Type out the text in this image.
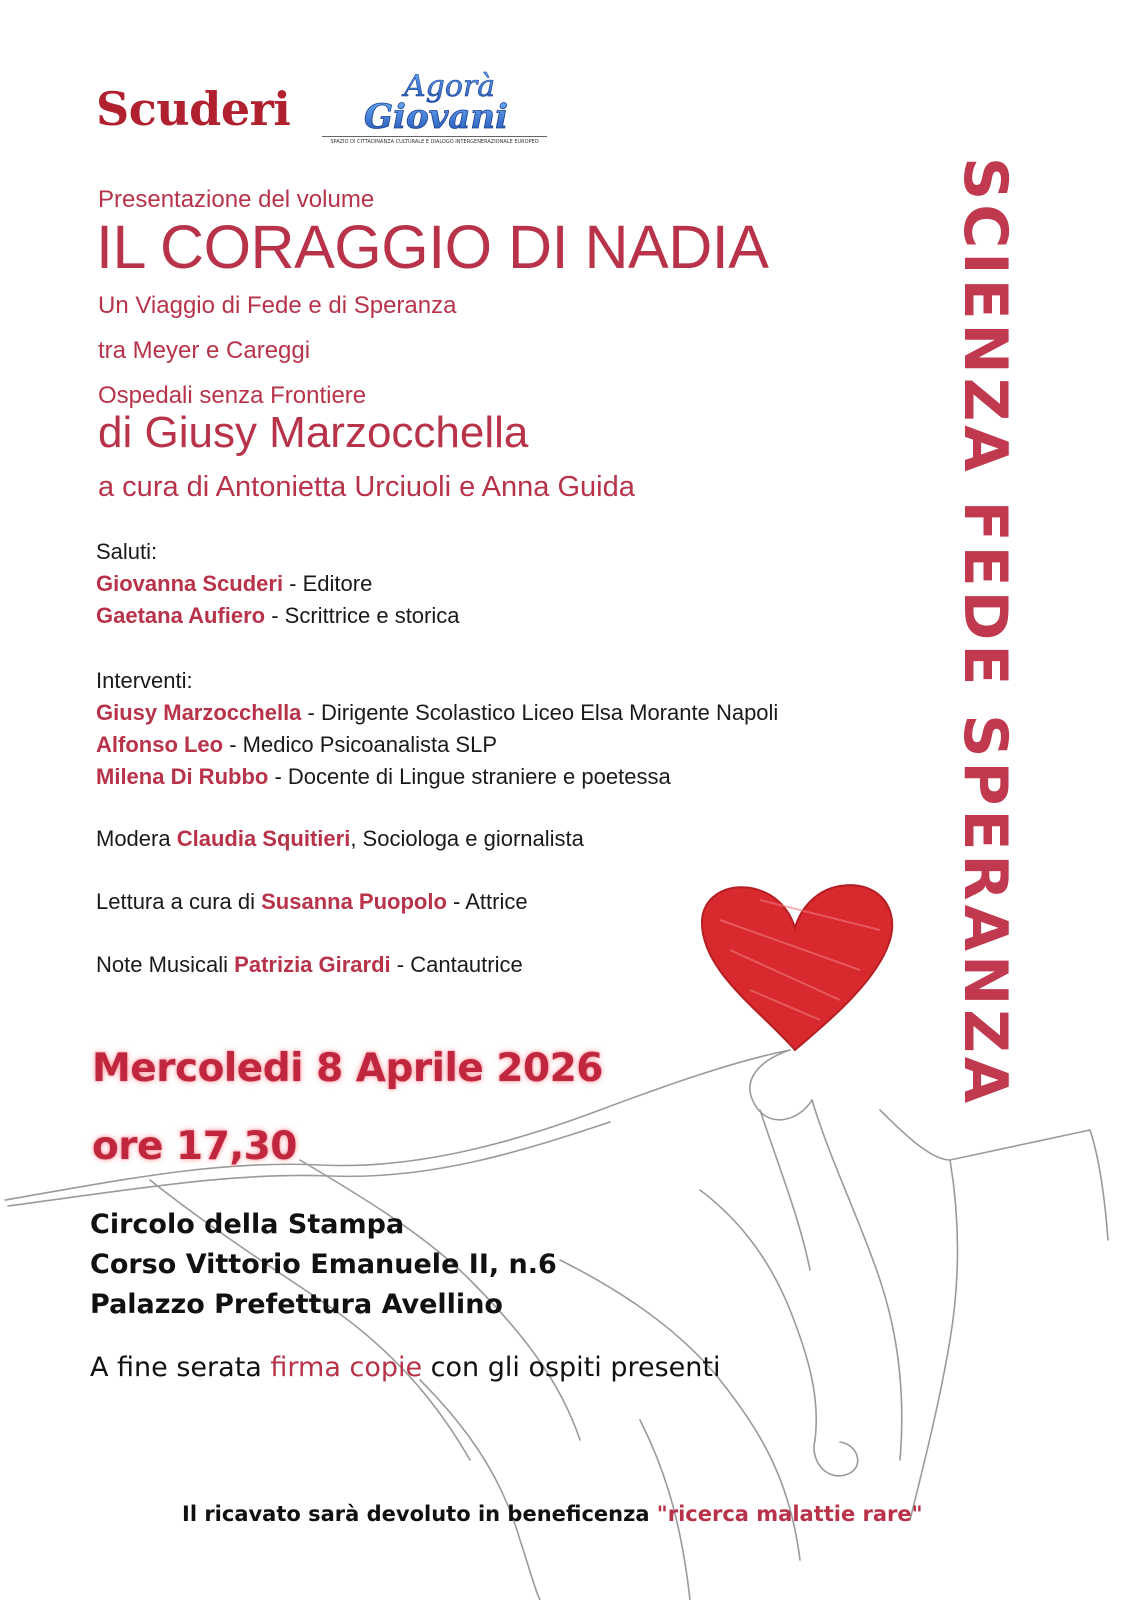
Scuderi	Agorà
Giovani
SPAZIO DI CITTADINANZA CULTURALE E DIALOGO INTERGENERAZIONALE EUROPEO
Presentazione del volume
IL CORAGGIO DI NADIA
Un Viaggio di Fede e di Speranza
tra Meyer e Careggi
Ospedali senza Frontiere
di Giusy Marzocchella
a cura di Antonietta Urciuoli e Anna Guida
Saluti:
Giovanna Scuderi - Editore
Gaetana Aufiero - Scrittrice e storica
Interventi:
Giusy Marzocchella - Dirigente Scolastico Liceo Elsa Morante Napoli
Alfonso Leo - Medico Psicoanalista SLP
Milena Di Rubbo - Docente di Lingue straniere e poetessa
Modera Claudia Squitieri, Sociologa e giornalista
Lettura a cura di Susanna Puopolo - Attrice
Note Musicali Patrizia Girardi - Cantautrice
Mercoledi 8 Aprile 2026
ore 17,30
Circolo della Stampa
Corso Vittorio Emanuele II, n.6
Palazzo Prefettura Avellino
A fine serata firma copie con gli ospiti presenti
Il ricavato sarà devoluto in beneficenza "ricerca malattie rare"
SCIENZA FEDE SPERANZA
